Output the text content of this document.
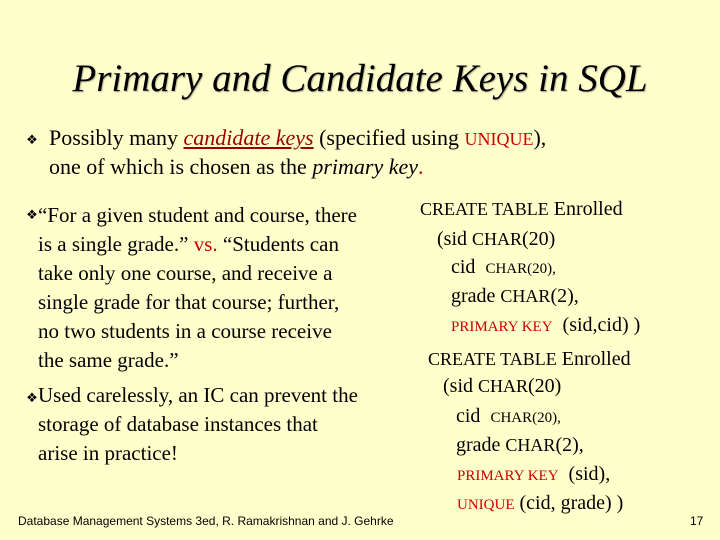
Primary and Candidate Keys in SQL
❖ Possibly many candidate keys (specified using UNIQUE),
one of which is chosen as the primary key.
❖ “For a given student and course, there
is a single grade.” vs. “Students can
take only one course, and receive a
single grade for that course; further,
no two students in a course receive
the same grade.”
❖ Used carelessly, an IC can prevent the
storage of database instances that
arise in practice!
CREATE TABLE Enrolled
(sid CHAR(20)
cid CHAR(20),
grade CHAR(2),
PRIMARY KEY (sid,cid) )
CREATE TABLE Enrolled
(sid CHAR(20)
cid CHAR(20),
grade CHAR(2),
PRIMARY KEY (sid),
UNIQUE (cid, grade) )
Database Management Systems 3ed, R. Ramakrishnan and J. Gehrke	17
